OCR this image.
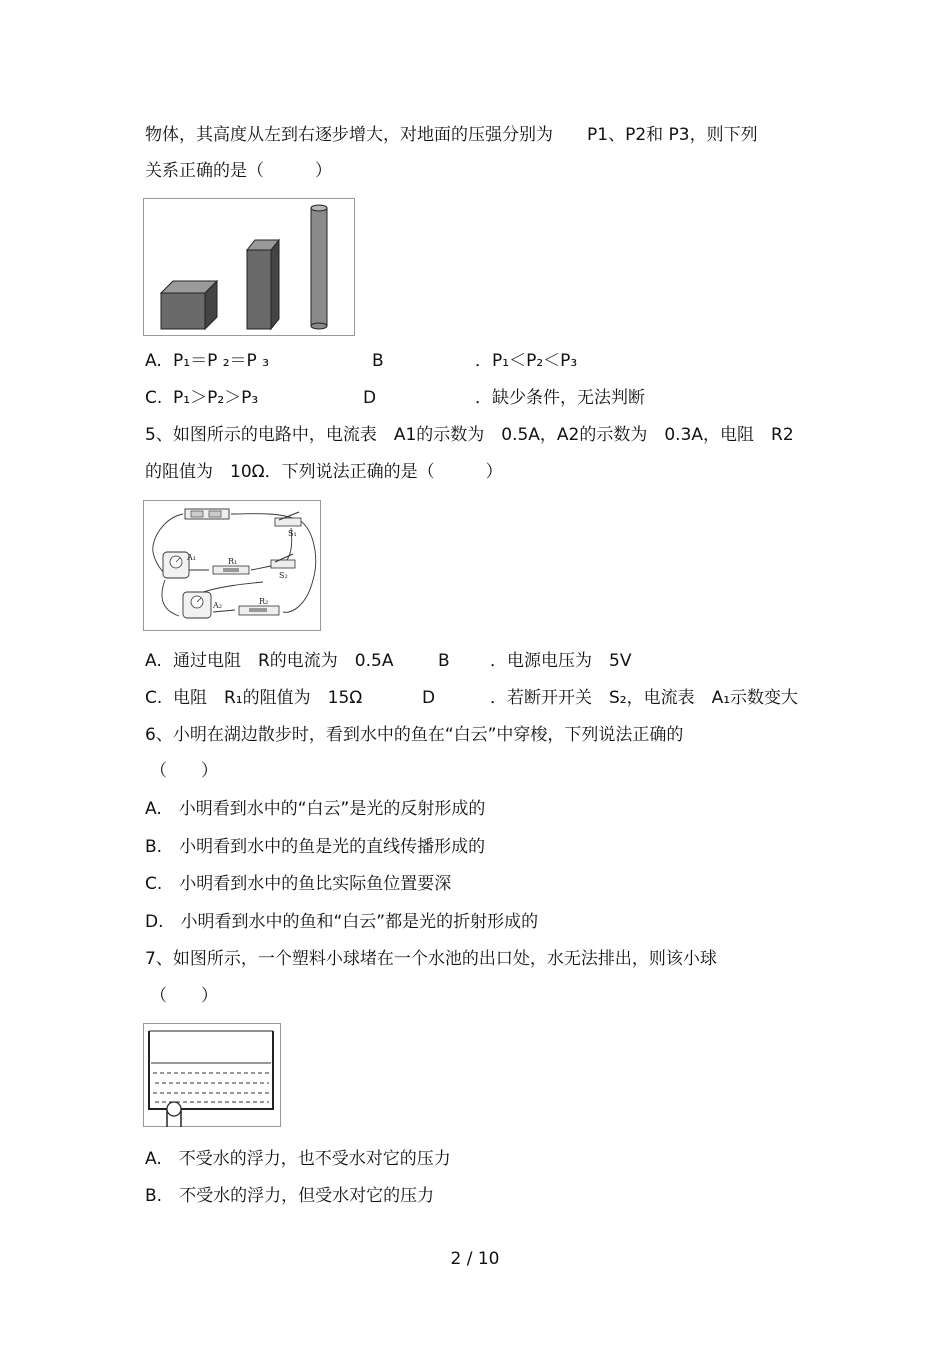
物体，其高度从左到右逐步增大，对地面的压强分别为　　P1、P2和 P3，则下列
关系正确的是（　　　）

A.

P₁＝P ₂＝P ₃

	B

	．P₁＜P₂＜P₃

C.

P₁＞P₂＞P₃

	D

	．缺少条件，无法判断

5、如图所示的电路中，电流表　A1的示数为　0.5A，A2的示数为　0.3A，电阻　R2
的阻值为　10Ω．下列说法正确的是（　　　）
S₁
S₂
A₁	R₁
A₂	R₂

A.

通过电阻　R的电流为　0.5A

	B

．电源电压为　5V

C.

电阻　R₁的阻值为　15Ω

	D

	．若断开开关　S₂，电流表　A₁示数变大

6、小明在湖边散步时，看到水中的鱼在“白云”中穿梭，下列说法正确的
（　　）
A.　小明看到水中的“白云”是光的反射形成的
B.　小明看到水中的鱼是光的直线传播形成的
C.　小明看到水中的鱼比实际鱼位置要深
D.　小明看到水中的鱼和“白云”都是光的折射形成的
7、如图所示，一个塑料小球堵在一个水池的出口处，水无法排出，则该小球
（　　）
A.　不受水的浮力，也不受水对它的压力
B.　不受水的浮力，但受水对它的压力
2 / 10
